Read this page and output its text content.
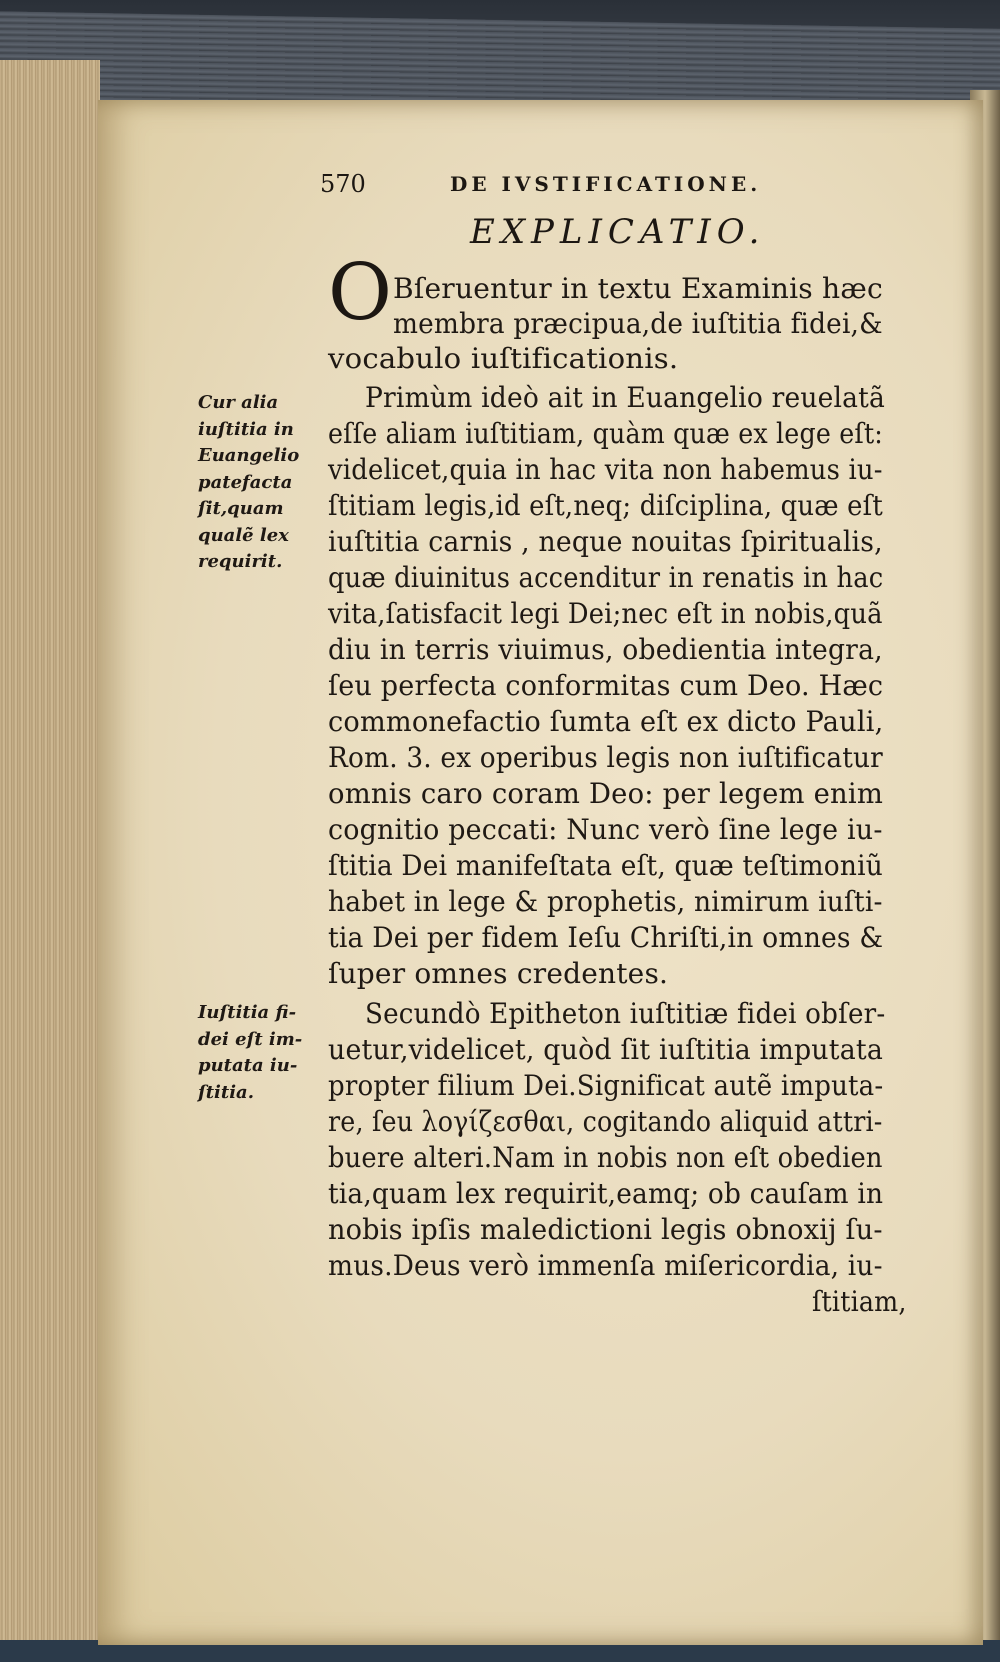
570	DE IVSTIFICATIONE.
EXPLICATIO.
O Bſeruentur in textu Examinis hæc
membra præcipua,de iuſtitia fidei,&
vocabulo iuſtificationis.
Primùm ideò ait in Euangelio reuelatã
eſſe aliam iuſtitiam, quàm quæ ex lege eſt:
videlicet,quia in hac vita non habemus iu-
ſtitiam legis,id eſt,neq; diſciplina, quæ eſt
iuſtitia carnis , neque nouitas ſpiritualis,
quæ diuinitus accenditur in renatis in hac
vita,ſatisfacit legi Dei;nec eſt in nobis,quã
diu in terris viuimus, obedientia integra,
ſeu perfecta conformitas cum Deo. Hæc
commonefactio ſumta eſt ex dicto Pauli,
Rom. 3. ex operibus legis non iuſtificatur
omnis caro coram Deo: per legem enim
cognitio peccati: Nunc verò ſine lege iu-
ſtitia Dei manifeſtata eſt, quæ teſtimoniũ
habet in lege & prophetis, nimirum iuſti-
tia Dei per fidem Ieſu Chriſti,in omnes &
ſuper omnes credentes.
Secundò Epitheton iuſtitiæ fidei obſer-
uetur,videlicet, quòd ſit iuſtitia imputata
propter filium Dei.Significat autẽ imputa-
re, ſeu λογίζεσθαι, cogitando aliquid attri-
buere alteri.Nam in nobis non eſt obedien
tia,quam lex requirit,eamq; ob cauſam in
nobis ipſis maledictioni legis obnoxij ſu-
mus.Deus verò immenſa miſericordia, iu-
ſtitiam,
Cur alia
iuſtitia in
Euangelio
patefacta
ſit,quam
qualẽ lex
requirit.
Iuſtitia fi-
dei eſt im-
putata iu-
ſtitia.
